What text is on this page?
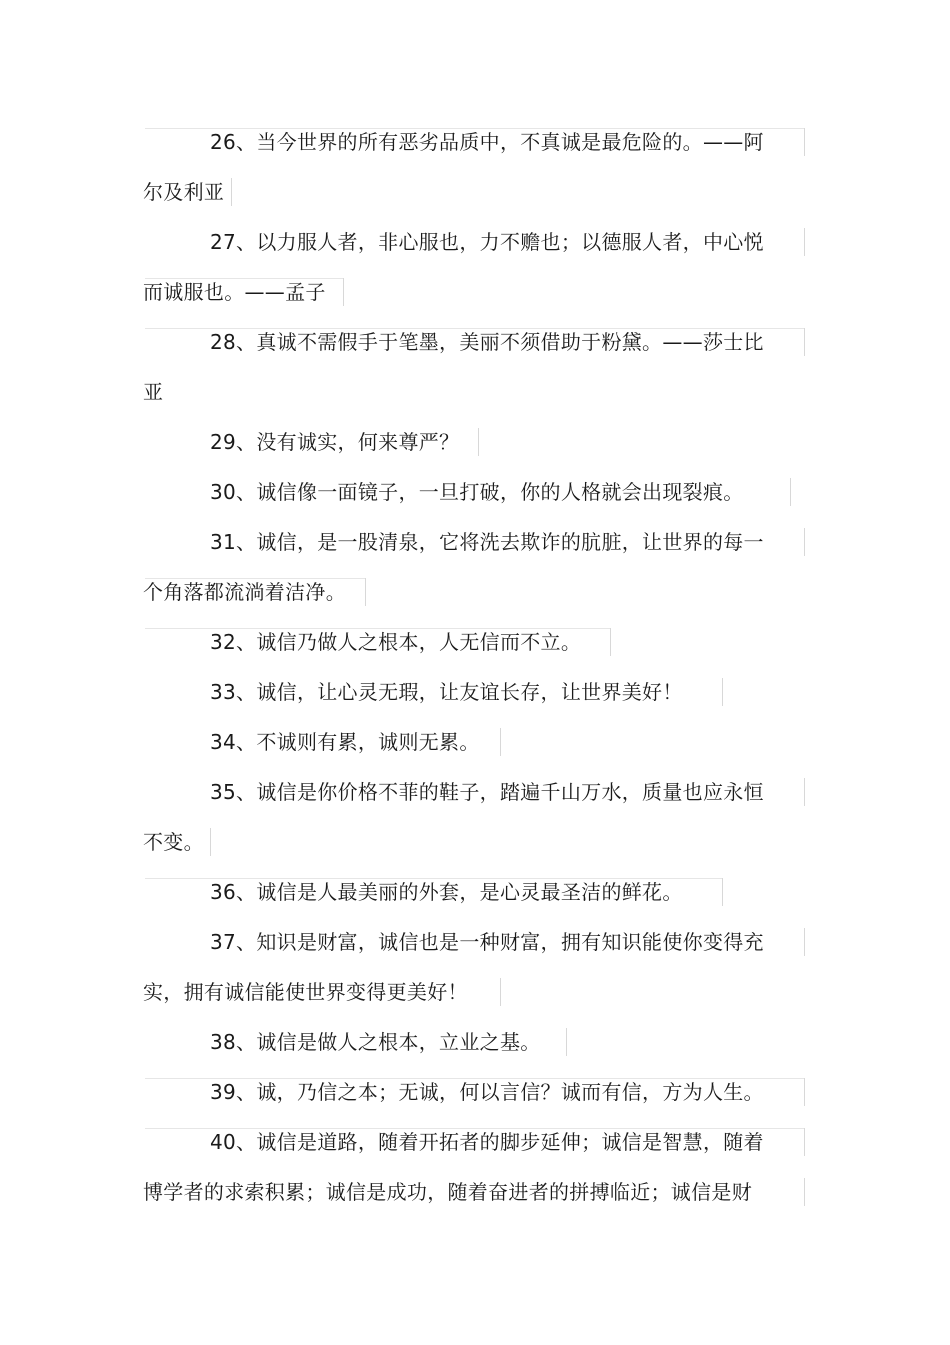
26、当今世界的所有恶劣品质中，不真诚是最危险的。——阿
尔及利亚
27、以力服人者，非心服也，力不赡也；以德服人者，中心悦
而诚服也。——孟子
28、真诚不需假手于笔墨，美丽不须借助于粉黛。——莎士比
亚
29、没有诚实，何来尊严？
30、诚信像一面镜子，一旦打破，你的人格就会出现裂痕。
31、诚信，是一股清泉，它将洗去欺诈的肮脏，让世界的每一
个角落都流淌着洁净。
32、诚信乃做人之根本，人无信而不立。
33、诚信，让心灵无瑕，让友谊长存，让世界美好！
34、不诚则有累，诚则无累。
35、诚信是你价格不菲的鞋子，踏遍千山万水，质量也应永恒
不变。
36、诚信是人最美丽的外套，是心灵最圣洁的鲜花。
37、知识是财富，诚信也是一种财富，拥有知识能使你变得充
实，拥有诚信能使世界变得更美好！
38、诚信是做人之根本，立业之基。
39、诚，乃信之本；无诚，何以言信？诚而有信，方为人生。
40、诚信是道路，随着开拓者的脚步延伸；诚信是智慧，随着
博学者的求索积累；诚信是成功，随着奋进者的拼搏临近；诚信是财
